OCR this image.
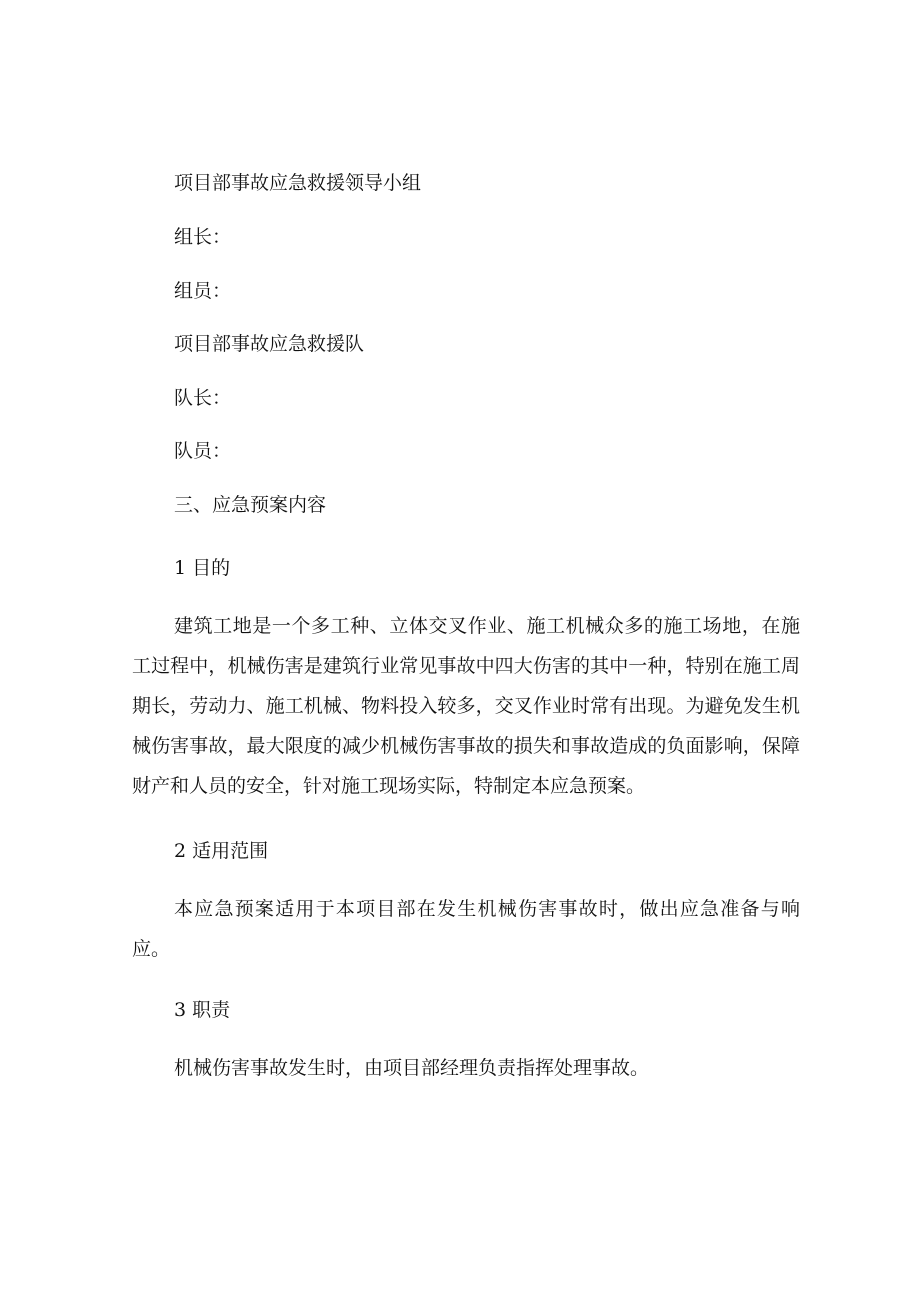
项目部事故应急救援领导小组
组长：
组员：
项目部事故应急救援队
队长：
队员：
三、应急预案内容
1 目的
建筑工地是一个多工种、立体交叉作业、施工机械众多的施工场地，在施工过程中，机械伤害是建筑行业常见事故中四大伤害的其中一种，特别在施工周期长，劳动力、施工机械、物料投入较多，交叉作业时常有出现。为避免发生机械伤害事故，最大限度的减少机械伤害事故的损失和事故造成的负面影响，保障财产和人员的安全，针对施工现场实际，特制定本应急预案。
2 适用范围
本应急预案适用于本项目部在发生机械伤害事故时，做出应急准备与响应。
3 职责
机械伤害事故发生时，由项目部经理负责指挥处理事故。
